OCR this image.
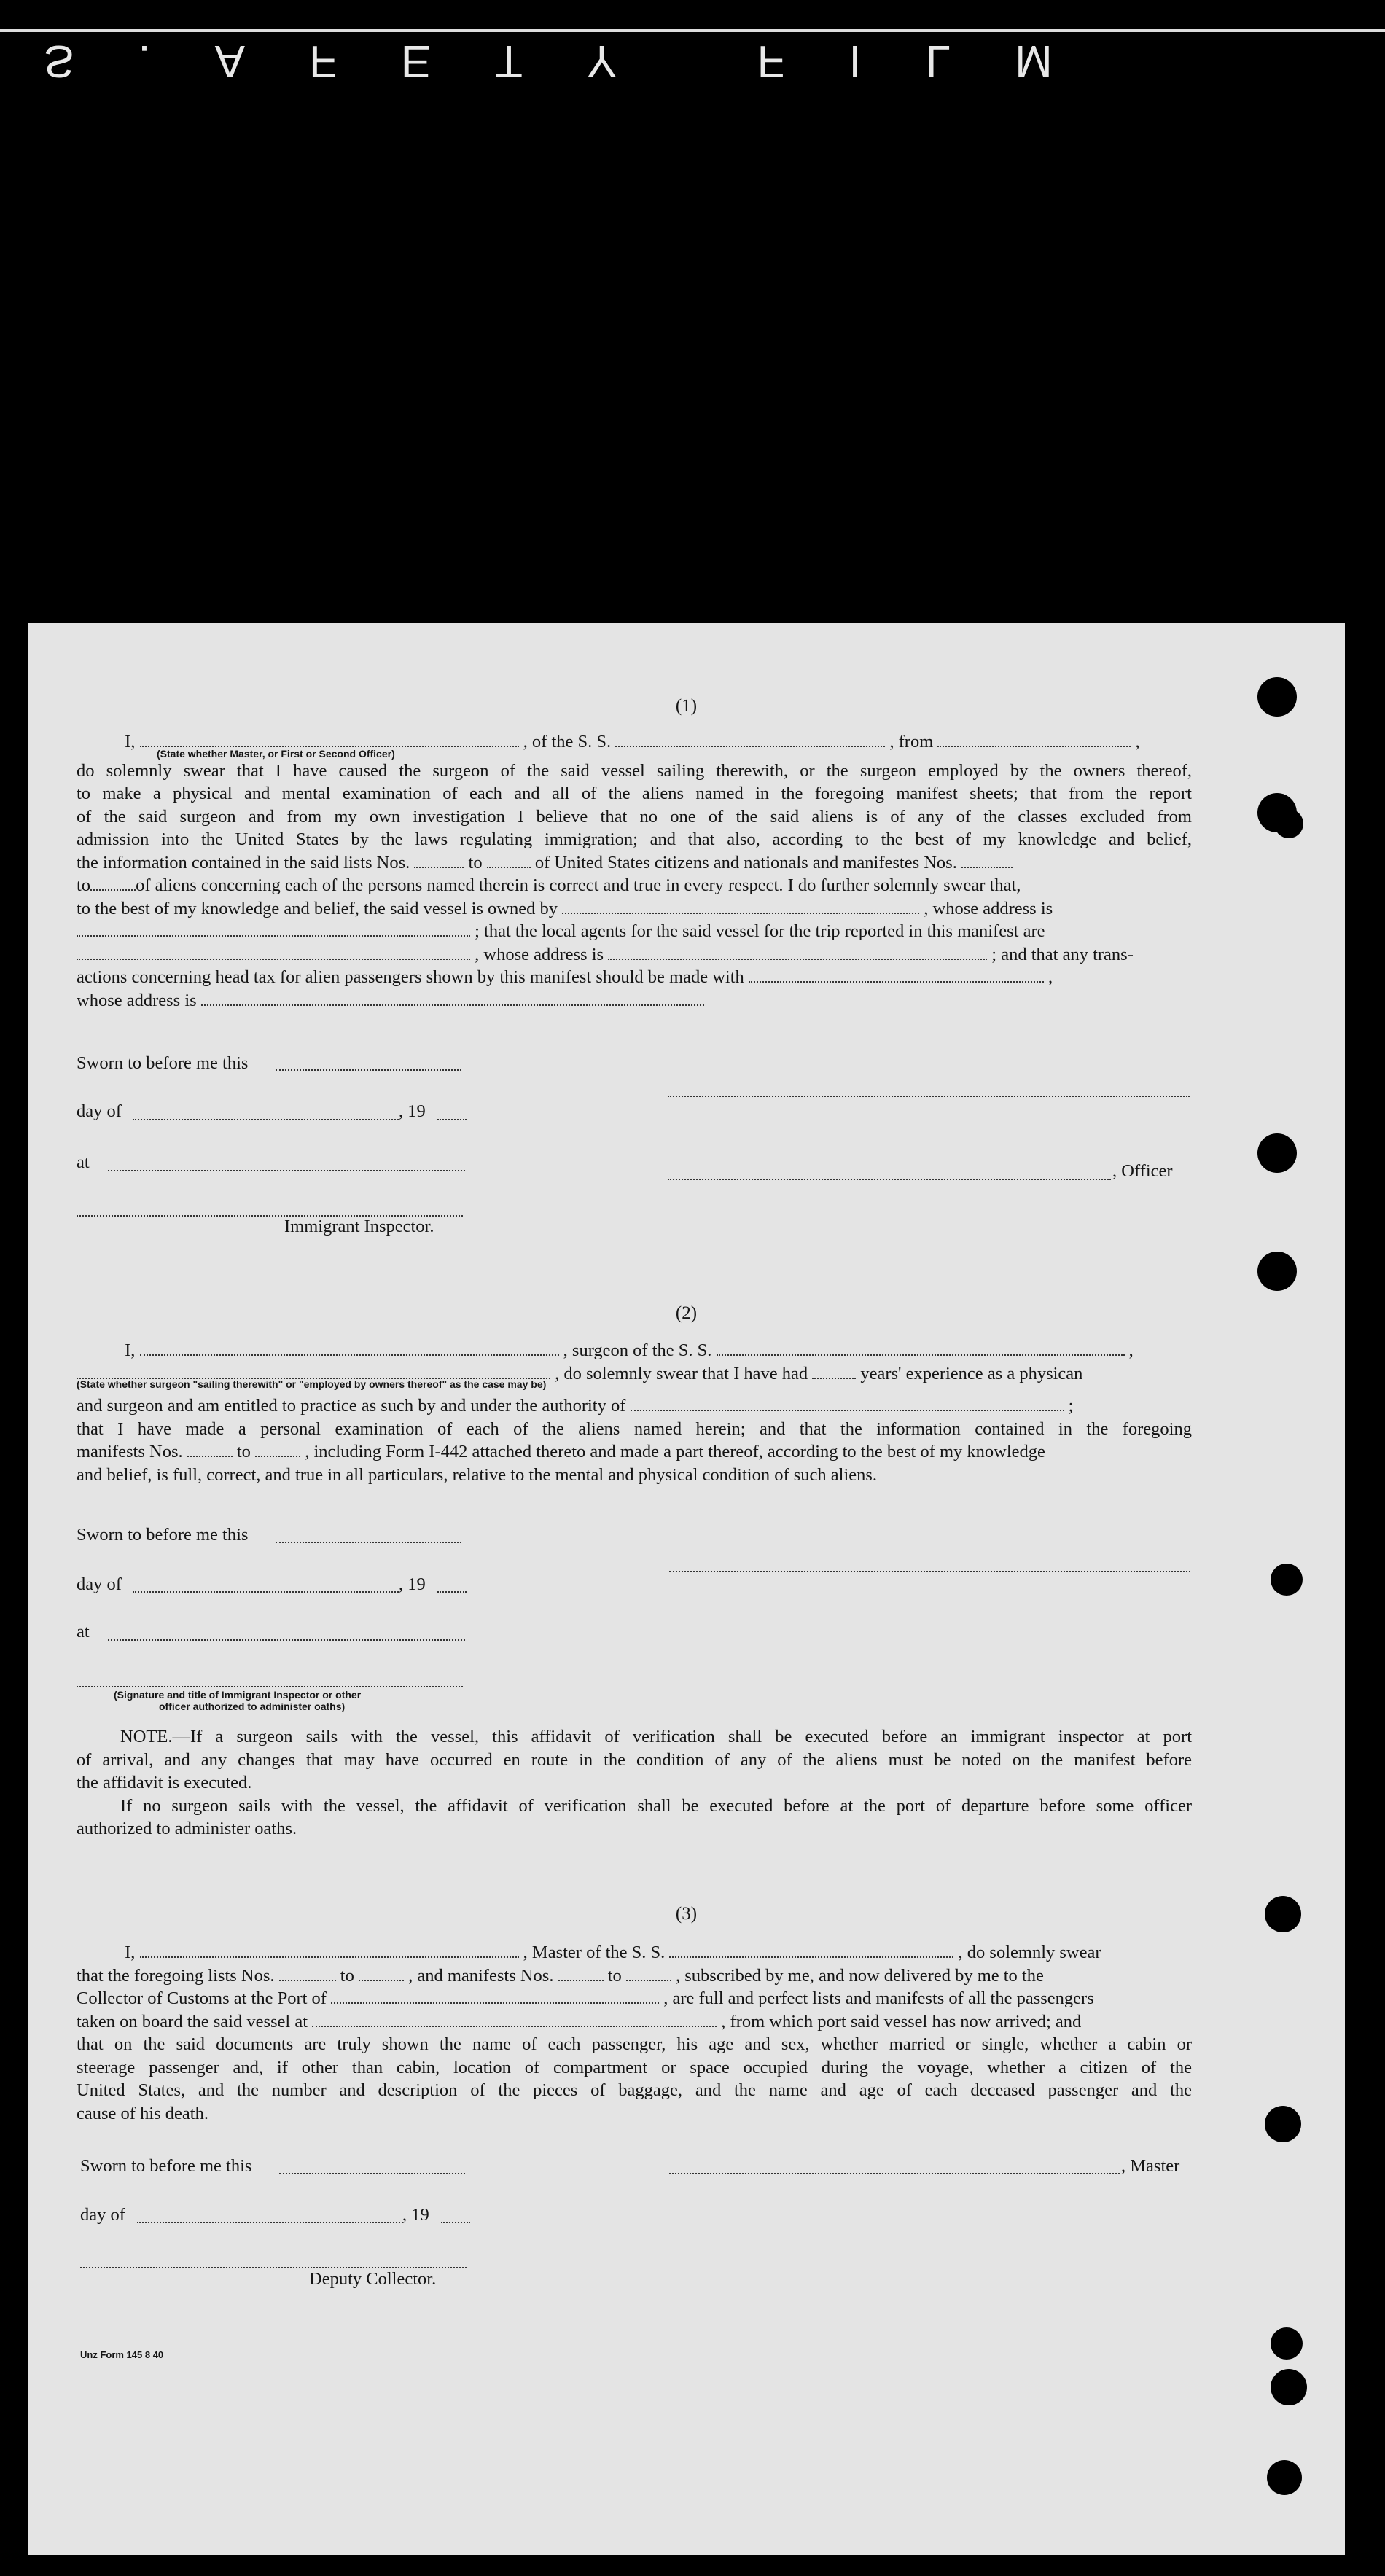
S.AFETY FILM
(1)
I,	, of the S. S.	, from	,
(State whether Master, or First or Second Officer)
do solemnly swear that I have caused the surgeon of the said vessel sailing therewith, or the surgeon employed by the owners thereof,
to make a physical and mental examination of each and all of the aliens named in the foregoing manifest sheets; that from the report
of the said surgeon and from my own investigation I believe that no one of the said aliens is of any of the classes excluded from
admission into the United States by the laws regulating immigration; and that also, according to the best of my knowledge and belief,
the information contained in the said lists Nos.	to	of United States citizens and nationals and manifestes Nos.
to	of aliens concerning each of the persons named therein is correct and true in every respect. I do further solemnly swear that,
to the best of my knowledge and belief, the said vessel is owned by	, whose address is
; that the local agents for the said vessel for the trip reported in this manifest are
, whose address is	; and that any trans-
actions concerning head tax for alien passengers shown by this manifest should be made with	,
whose address is
Sworn to before me this
day of	, 19
at	, Officer
Immigrant Inspector.
(2)
I,	, surgeon of the S. S.	,
, do solemnly swear that I have had	years' experience as a physican
(State whether surgeon "sailing therewith" or "employed by owners thereof" as the case may be)
and surgeon and am entitled to practice as such by and under the authority of	;
that I have made a personal examination of each of the aliens named herein; and that the information contained in the foregoing
manifests Nos.	to	, including Form I-442 attached thereto and made a part thereof, according to the best of my knowledge
and belief, is full, correct, and true in all particulars, relative to the mental and physical condition of such aliens.
Sworn to before me this
day of	, 19
at
(Signature and title of Immigrant Inspector or other
officer authorized to administer oaths)
NOTE.—If a surgeon sails with the vessel, this affidavit of verification shall be executed before an immigrant inspector at port
of arrival, and any changes that may have occurred en route in the condition of any of the aliens must be noted on the manifest before
the affidavit is executed.
If no surgeon sails with the vessel, the affidavit of verification shall be executed before at the port of departure before some officer
authorized to administer oaths.
(3)
I,	, Master of the S. S.	, do solemnly swear
that the foregoing lists Nos.	to	, and manifests Nos.	to	, subscribed by me, and now delivered by me to the
Collector of Customs at the Port of	, are full and perfect lists and manifests of all the passengers
taken on board the said vessel at	, from which port said vessel has now arrived; and
that on the said documents are truly shown the name of each passenger, his age and sex, whether married or single, whether a cabin or
steerage passenger and, if other than cabin, location of compartment or space occupied during the voyage, whether a citizen of the
United States, and the number and description of the pieces of baggage, and the name and age of each deceased passenger and the
cause of his death.
Sworn to before me this	, Master
day of	, 19
Deputy Collector.
Unz Form 145 8 40
